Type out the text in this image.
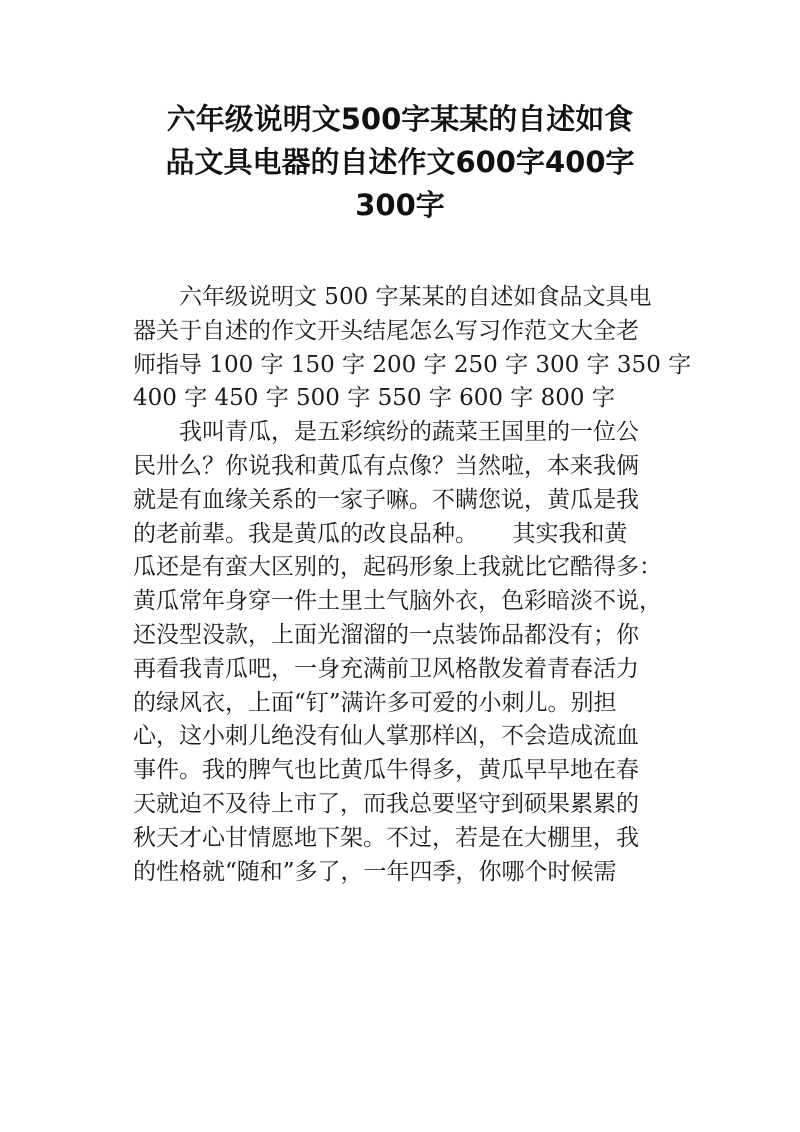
六年级说明文500字某某的自述如食
品文具电器的自述作文600字400字
300字
六年级说明文 500 字某某的自述如食品文具电
器关于自述的作文开头结尾怎么写习作范文大全老
师指导 100 字 150 字 200 字 250 字 300 字 350 字
400 字 450 字 500 字 550 字 600 字 800 字
我叫青瓜，是五彩缤纷的蔬菜王国里的一位公
民卅么？你说我和黄瓜有点像？当然啦，本来我俩
就是有血缘关系的一家子嘛。不瞒您说，黄瓜是我
的老前辈。我是黄瓜的改良品种。　　其实我和黄
瓜还是有蛮大区别的，起码形象上我就比它酷得多：
黄瓜常年身穿一件土里土气脑外衣，色彩暗淡不说，
还没型没款，上面光溜溜的一点装饰品都没有；你
再看我青瓜吧，一身充满前卫风格散发着青春活力
的绿风衣，上面“钉”满许多可爱的小刺儿。别担
心，这小刺儿绝没有仙人掌那样凶，不会造成流血
事件。我的脾气也比黄瓜牛得多，黄瓜早早地在春
天就迫不及待上市了，而我总要坚守到硕果累累的
秋天才心甘情愿地下架。不过，若是在大棚里，我
的性格就“随和”多了，一年四季，你哪个时候需
